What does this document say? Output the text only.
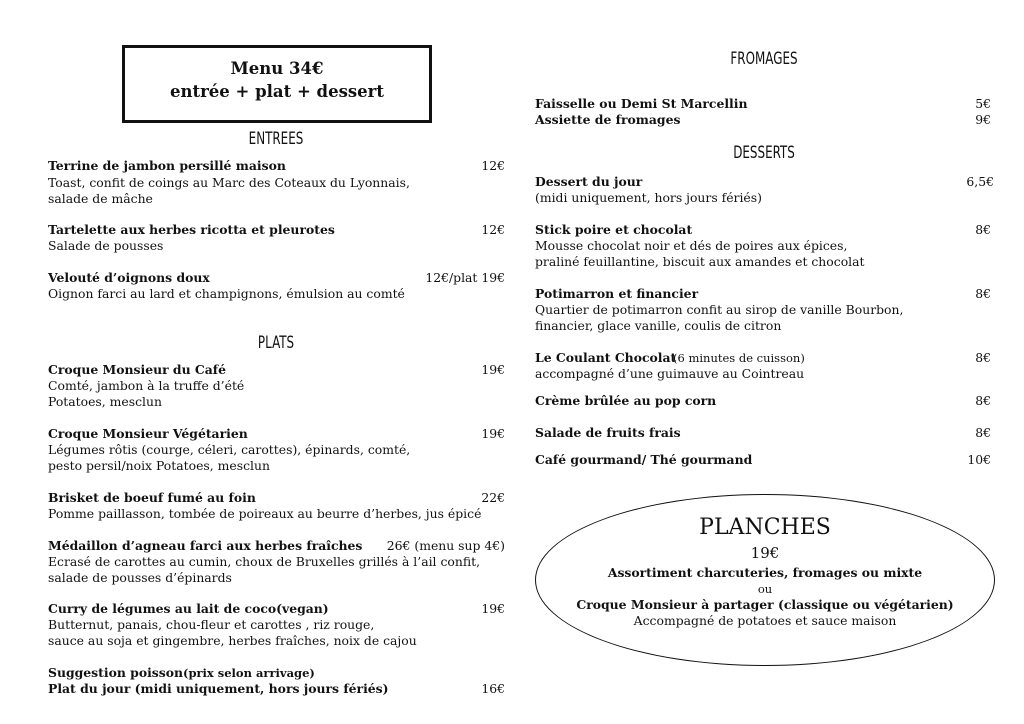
Menu 34€
entrée + plat + dessert
ENTREES
Terrine de jambon persillé maison	12€
Toast, confit de coings au Marc des Coteaux du Lyonnais,
salade de mâche
Tartelette aux herbes ricotta et pleurotes	12€
Salade de pousses
Velouté d’oignons doux	12€/plat 19€
Oignon farci au lard et champignons, émulsion au comté
PLATS
Croque Monsieur du Café	19€
Comté, jambon à la truffe d’été
Potatoes, mesclun
Croque Monsieur Végétarien	19€
Légumes rôtis (courge, céleri, carottes), épinards, comté,
pesto persil/noix Potatoes, mesclun
Brisket de boeuf fumé au foin	22€
Pomme paillasson, tombée de poireaux au beurre d’herbes, jus épicé
Médaillon d’agneau farci aux herbes fraîches 26€ (menu sup 4€)
Ecrasé de carottes au cumin, choux de Bruxelles grillés à l’ail confit,
salade de pousses d’épinards
Curry de légumes au lait de coco(vegan)	19€
Butternut, panais, chou-fleur et carottes , riz rouge,
sauce au soja et gingembre, herbes fraîches, noix de cajou
Suggestion poisson (prix selon arrivage)
Plat du jour (midi uniquement, hors jours fériés)	16€
FROMAGES
Faisselle ou Demi St Marcellin	5€
Assiette de fromages	9€
DESSERTS
Dessert du jour	6,5€
(midi uniquement, hors jours fériés)
Stick poire et chocolat	8€
Mousse chocolat noir et dés de poires aux épices,
praliné feuillantine, biscuit aux amandes et chocolat
Potimarron et financier	8€
Quartier de potimarron confit au sirop de vanille Bourbon,
financier, glace vanille, coulis de citron
Le Coulant Chocolat
(6 minutes de cuisson)	8€
accompagné d’une guimauve au Cointreau
Crème brûlée au pop corn	8€
Salade de fruits frais	8€
Café gourmand/ Thé gourmand	10€
PLANCHES
19€
Assortiment charcuteries, fromages ou mixte
ou
Croque Monsieur à partager (classique ou végétarien)
Accompagné de potatoes et sauce maison
